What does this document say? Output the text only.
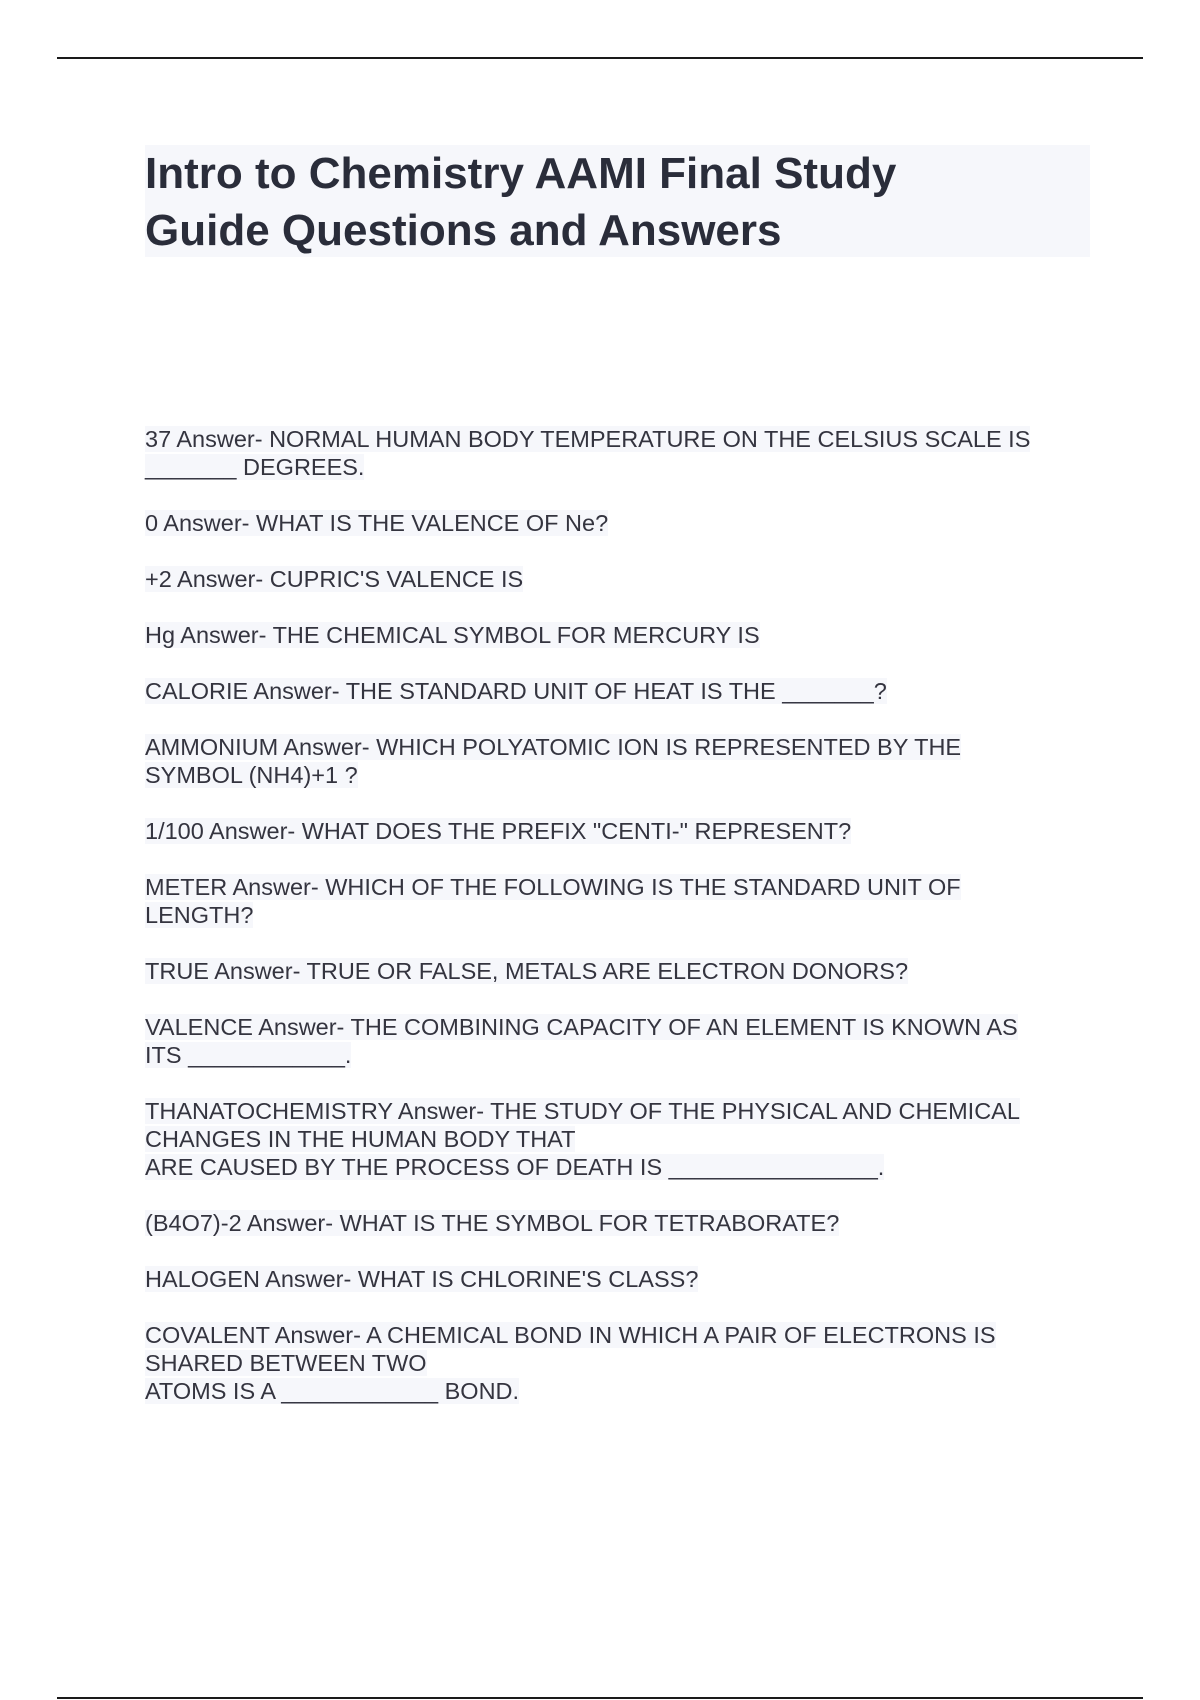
Intro to Chemistry AAMI Final Study
Guide Questions and Answers
37 Answer- NORMAL HUMAN BODY TEMPERATURE ON THE CELSIUS SCALE IS
_______ DEGREES.
0 Answer- WHAT IS THE VALENCE OF Ne?
+2 Answer- CUPRIC'S VALENCE IS
Hg Answer- THE CHEMICAL SYMBOL FOR MERCURY IS
CALORIE Answer- THE STANDARD UNIT OF HEAT IS THE _______?
AMMONIUM Answer- WHICH POLYATOMIC ION IS REPRESENTED BY THE
SYMBOL (NH4)+1 ?
1/100 Answer- WHAT DOES THE PREFIX "CENTI-" REPRESENT?
METER Answer- WHICH OF THE FOLLOWING IS THE STANDARD UNIT OF
LENGTH?
TRUE Answer- TRUE OR FALSE, METALS ARE ELECTRON DONORS?
VALENCE Answer- THE COMBINING CAPACITY OF AN ELEMENT IS KNOWN AS
ITS ____________.
THANATOCHEMISTRY Answer- THE STUDY OF THE PHYSICAL AND CHEMICAL
CHANGES IN THE HUMAN BODY THAT
ARE CAUSED BY THE PROCESS OF DEATH IS ________________.
(B4O7)-2 Answer- WHAT IS THE SYMBOL FOR TETRABORATE?
HALOGEN Answer- WHAT IS CHLORINE'S CLASS?
COVALENT Answer- A CHEMICAL BOND IN WHICH A PAIR OF ELECTRONS IS
SHARED BETWEEN TWO
ATOMS IS A ____________ BOND.
